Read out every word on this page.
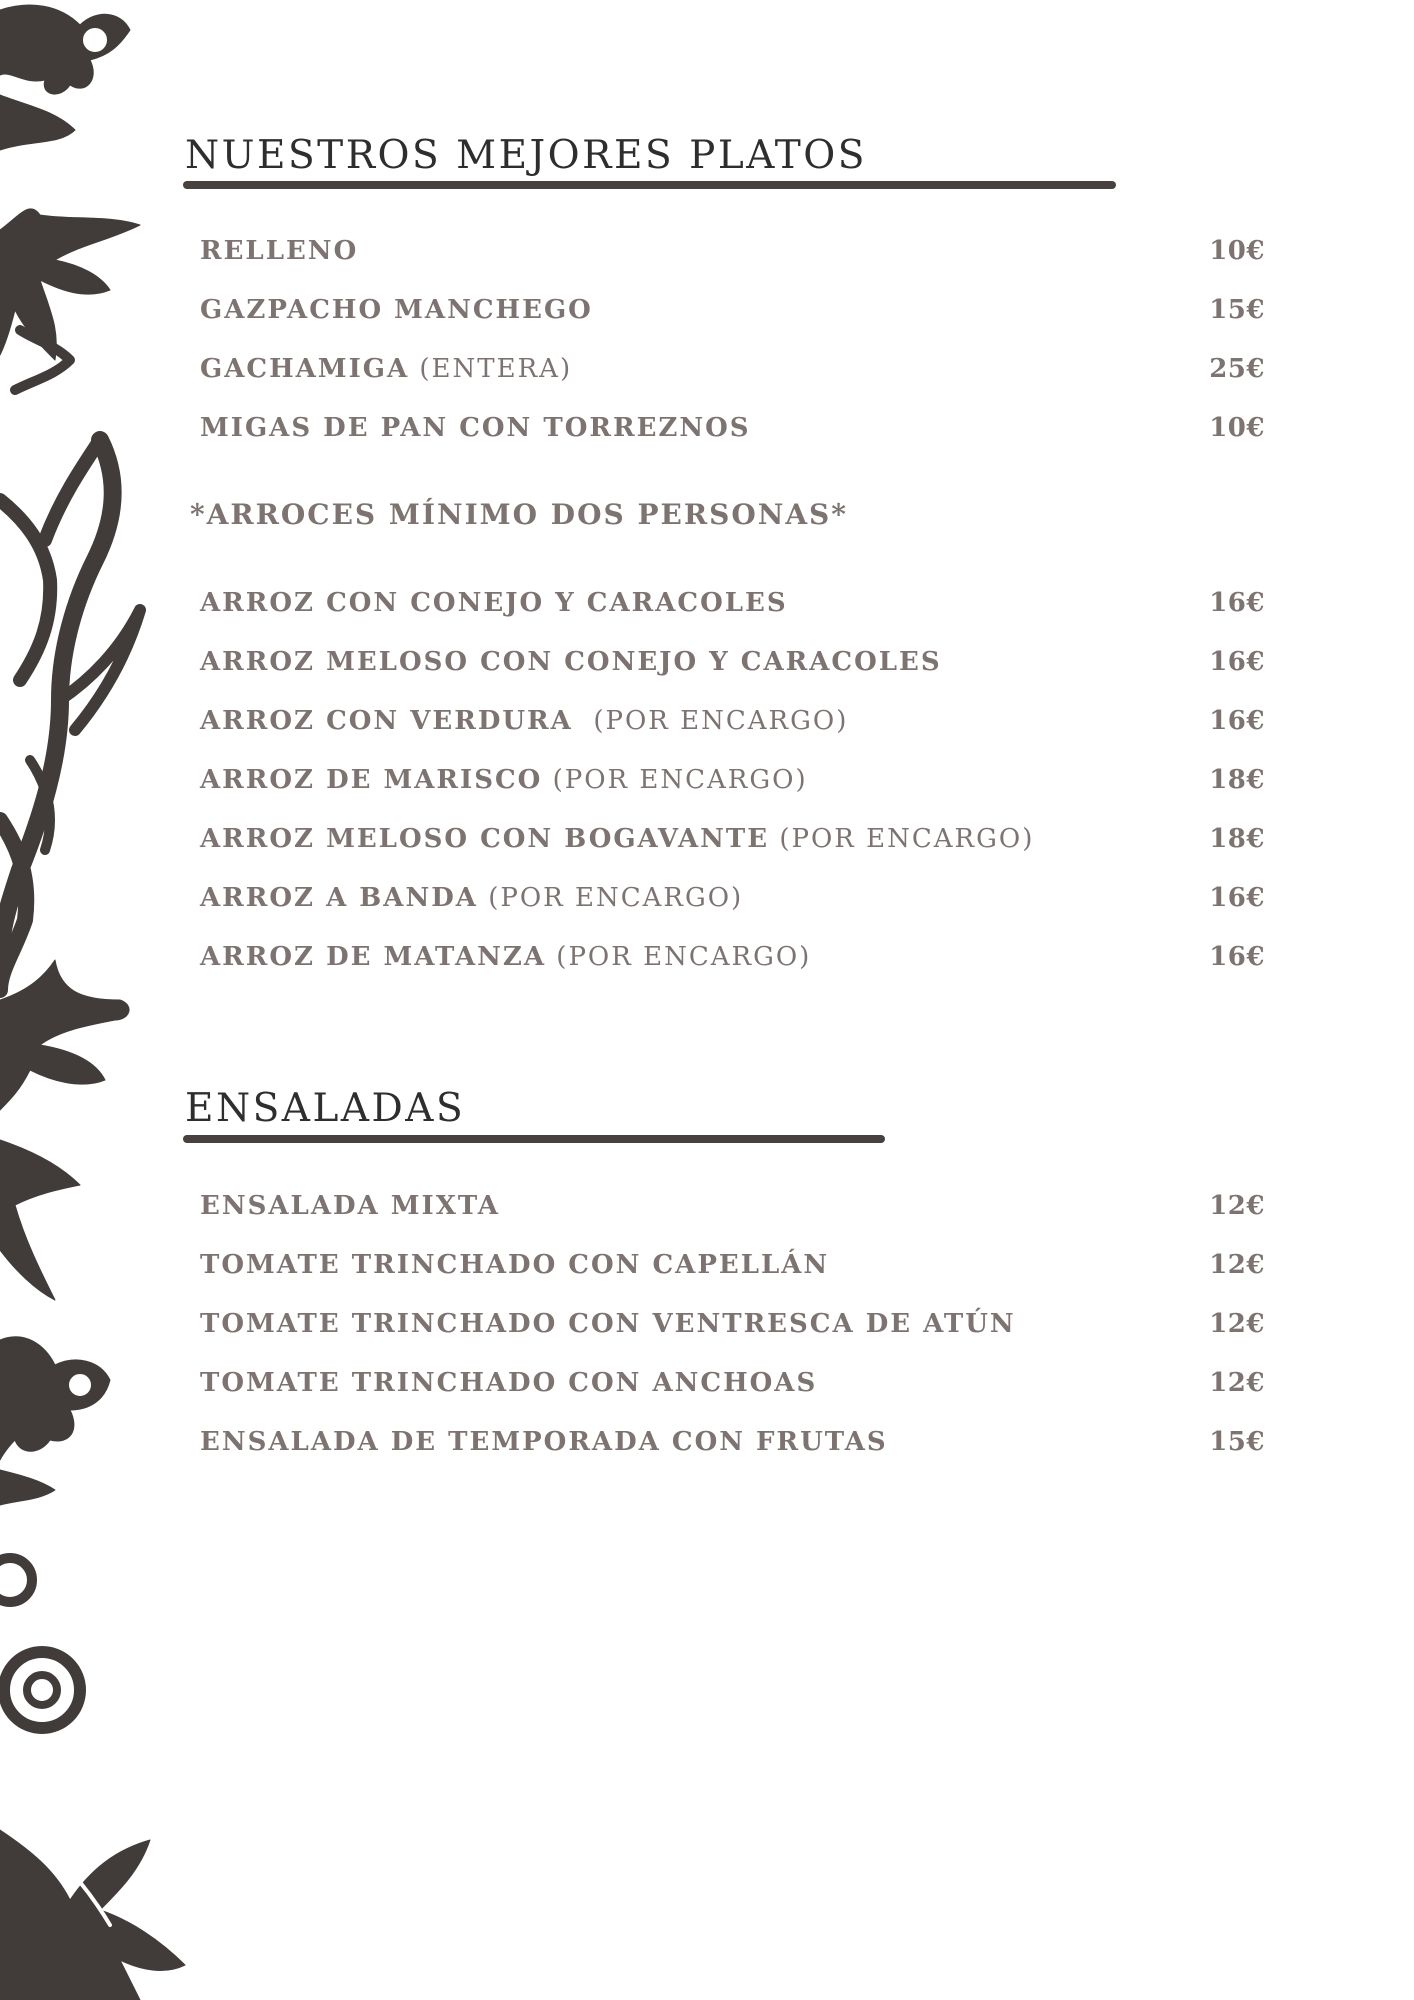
NUESTROS MEJORES PLATOS
RELLENO	10€
GAZPACHO MANCHEGO	15€
GACHAMIGA (ENTERA)	25€
MIGAS DE PAN CON TORREZNOS	10€

*ARROCES MÍNIMO DOS PERSONAS*

ARROZ CON CONEJO Y CARACOLES	16€
ARROZ MELOSO CON CONEJO Y CARACOLES	16€
ARROZ CON VERDURA  (POR ENCARGO)	16€
ARROZ DE MARISCO (POR ENCARGO)	18€
ARROZ MELOSO CON BOGAVANTE (POR ENCARGO)	18€
ARROZ A BANDA (POR ENCARGO)	16€
ARROZ DE MATANZA (POR ENCARGO)	16€
ENSALADAS
ENSALADA MIXTA	12€
TOMATE TRINCHADO CON CAPELLÁN	12€
TOMATE TRINCHADO CON VENTRESCA DE ATÚN	12€
TOMATE TRINCHADO CON ANCHOAS	12€
ENSALADA DE TEMPORADA CON FRUTAS	15€
